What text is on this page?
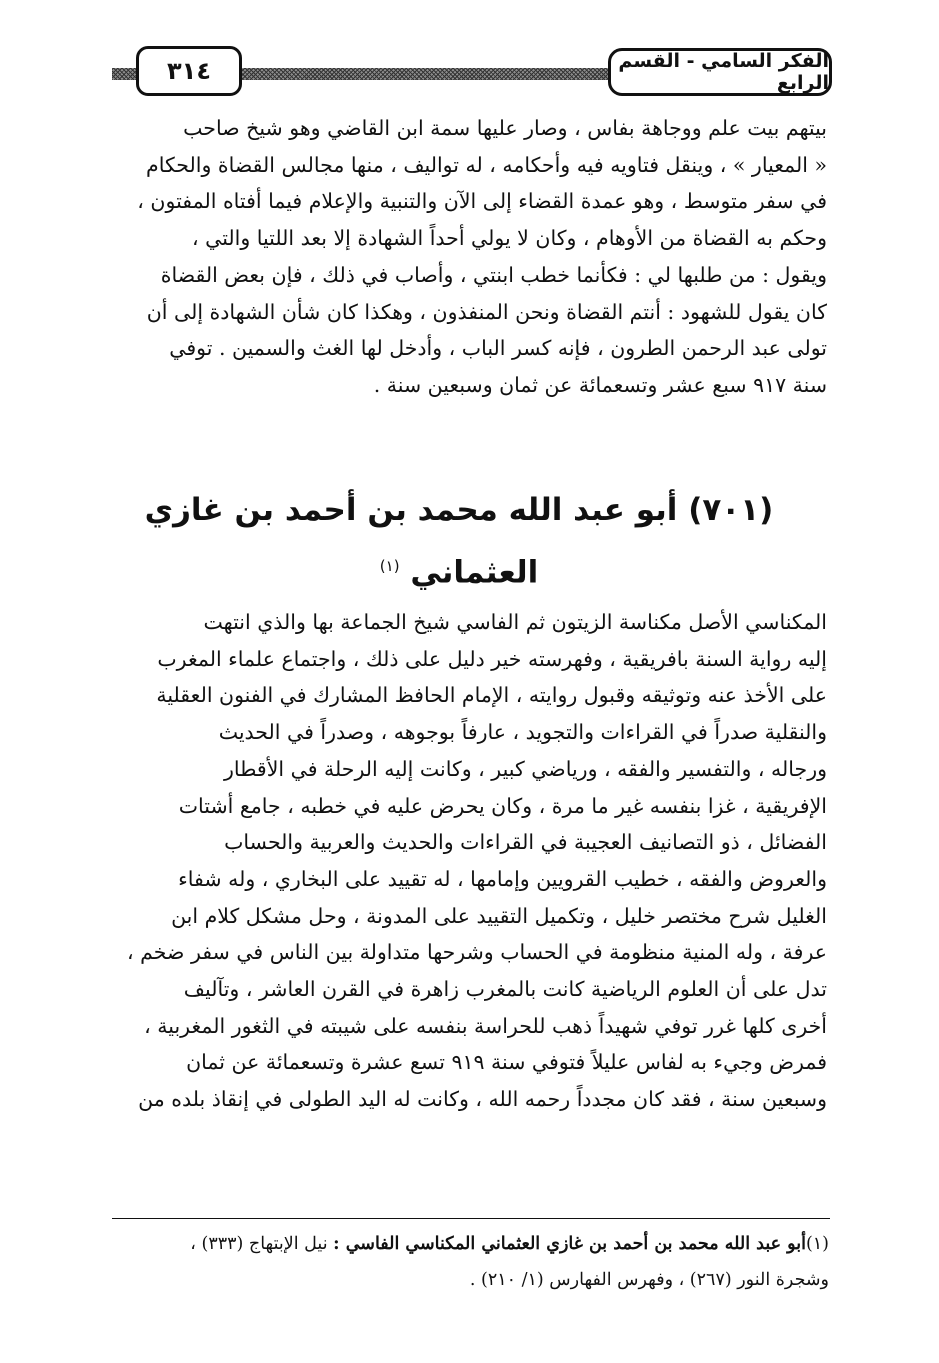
الفكر السامي - القسم الرابع
٣١٤
بيتهم بيت علم ووجاهة بفاس ، وصار عليها سمة ابن القاضي وهو شيخ صاحب
« المعيار » ، وينقل فتاويه فيه وأحكامه ، له تواليف ، منها مجالس القضاة والحكام
في سفر متوسط ، وهو عمدة القضاء إلى الآن والتنبية والإعلام فيما أفتاه المفتون ،
وحكم به القضاة من الأوهام ، وكان لا يولي أحداً الشهادة إلا بعد اللتيا والتي ،
ويقول : من طلبها لي : فكأنما خطب ابنتي ، وأصاب في ذلك ، فإن بعض القضاة
كان يقول للشهود : أنتم القضاة ونحن المنفذون ، وهكذا كان شأن الشهادة إلى أن
تولى عبد الرحمن الطرون ، فإنه كسر الباب ، وأدخل لها الغث والسمين . توفي
سنة ٩١٧ سبع عشر وتسعمائة عن ثمان وسبعين سنة .
(٧٠١) أبو عبد الله محمد بن أحمد بن غازي
العثماني $^{(١)}$
المكناسي الأصل مكناسة الزيتون ثم الفاسي شيخ الجماعة بها والذي انتهت
إليه رواية السنة بافريقية ، وفهرسته خير دليل على ذلك ، واجتماع علماء المغرب
على الأخذ عنه وتوثيقه وقبول روايته ، الإمام الحافظ المشارك في الفنون العقلية
والنقلية صدراً في القراءات والتجويد ، عارفاً بوجوهه ، وصدراً في الحديث
ورجاله ، والتفسير والفقه ، ورياضي كبير ، وكانت إليه الرحلة في الأقطار
الإفريقية ، غزا بنفسه غير ما مرة ، وكان يحرض عليه في خطبه ، جامع أشتات
الفضائل ، ذو التصانيف العجيبة في القراءات والحديث والعربية والحساب
والعروض والفقه ، خطيب القرويين وإمامها ، له تقييد على البخاري ، وله شفاء
الغليل شرح مختصر خليل ، وتكميل التقييد على المدونة ، وحل مشكل كلام ابن
عرفة ، وله المنية منظومة في الحساب وشرحها متداولة بين الناس في سفر ضخم ،
تدل على أن العلوم الرياضية كانت بالمغرب زاهرة في القرن العاشر ، وتآليف
أخرى كلها غرر توفي شهيداً ذهب للحراسة بنفسه على شيبته في الثغور المغربية ،
فمرض وجيء به لفاس عليلاً فتوفي سنة ٩١٩ تسع عشرة وتسعمائة عن ثمان
وسبعين سنة ، فقد كان مجدداً رحمه الله ، وكانت له اليد الطولى في إنقاذ بلده من
(١)أبو عبد الله محمد بن أحمد بن غازي العثماني المكناسي الفاسي : نيل الإبتهاج (٣٣٣) ،
وشجرة النور (٢٦٧) ، وفهرس الفهارس (١/ ٢١٠) .
